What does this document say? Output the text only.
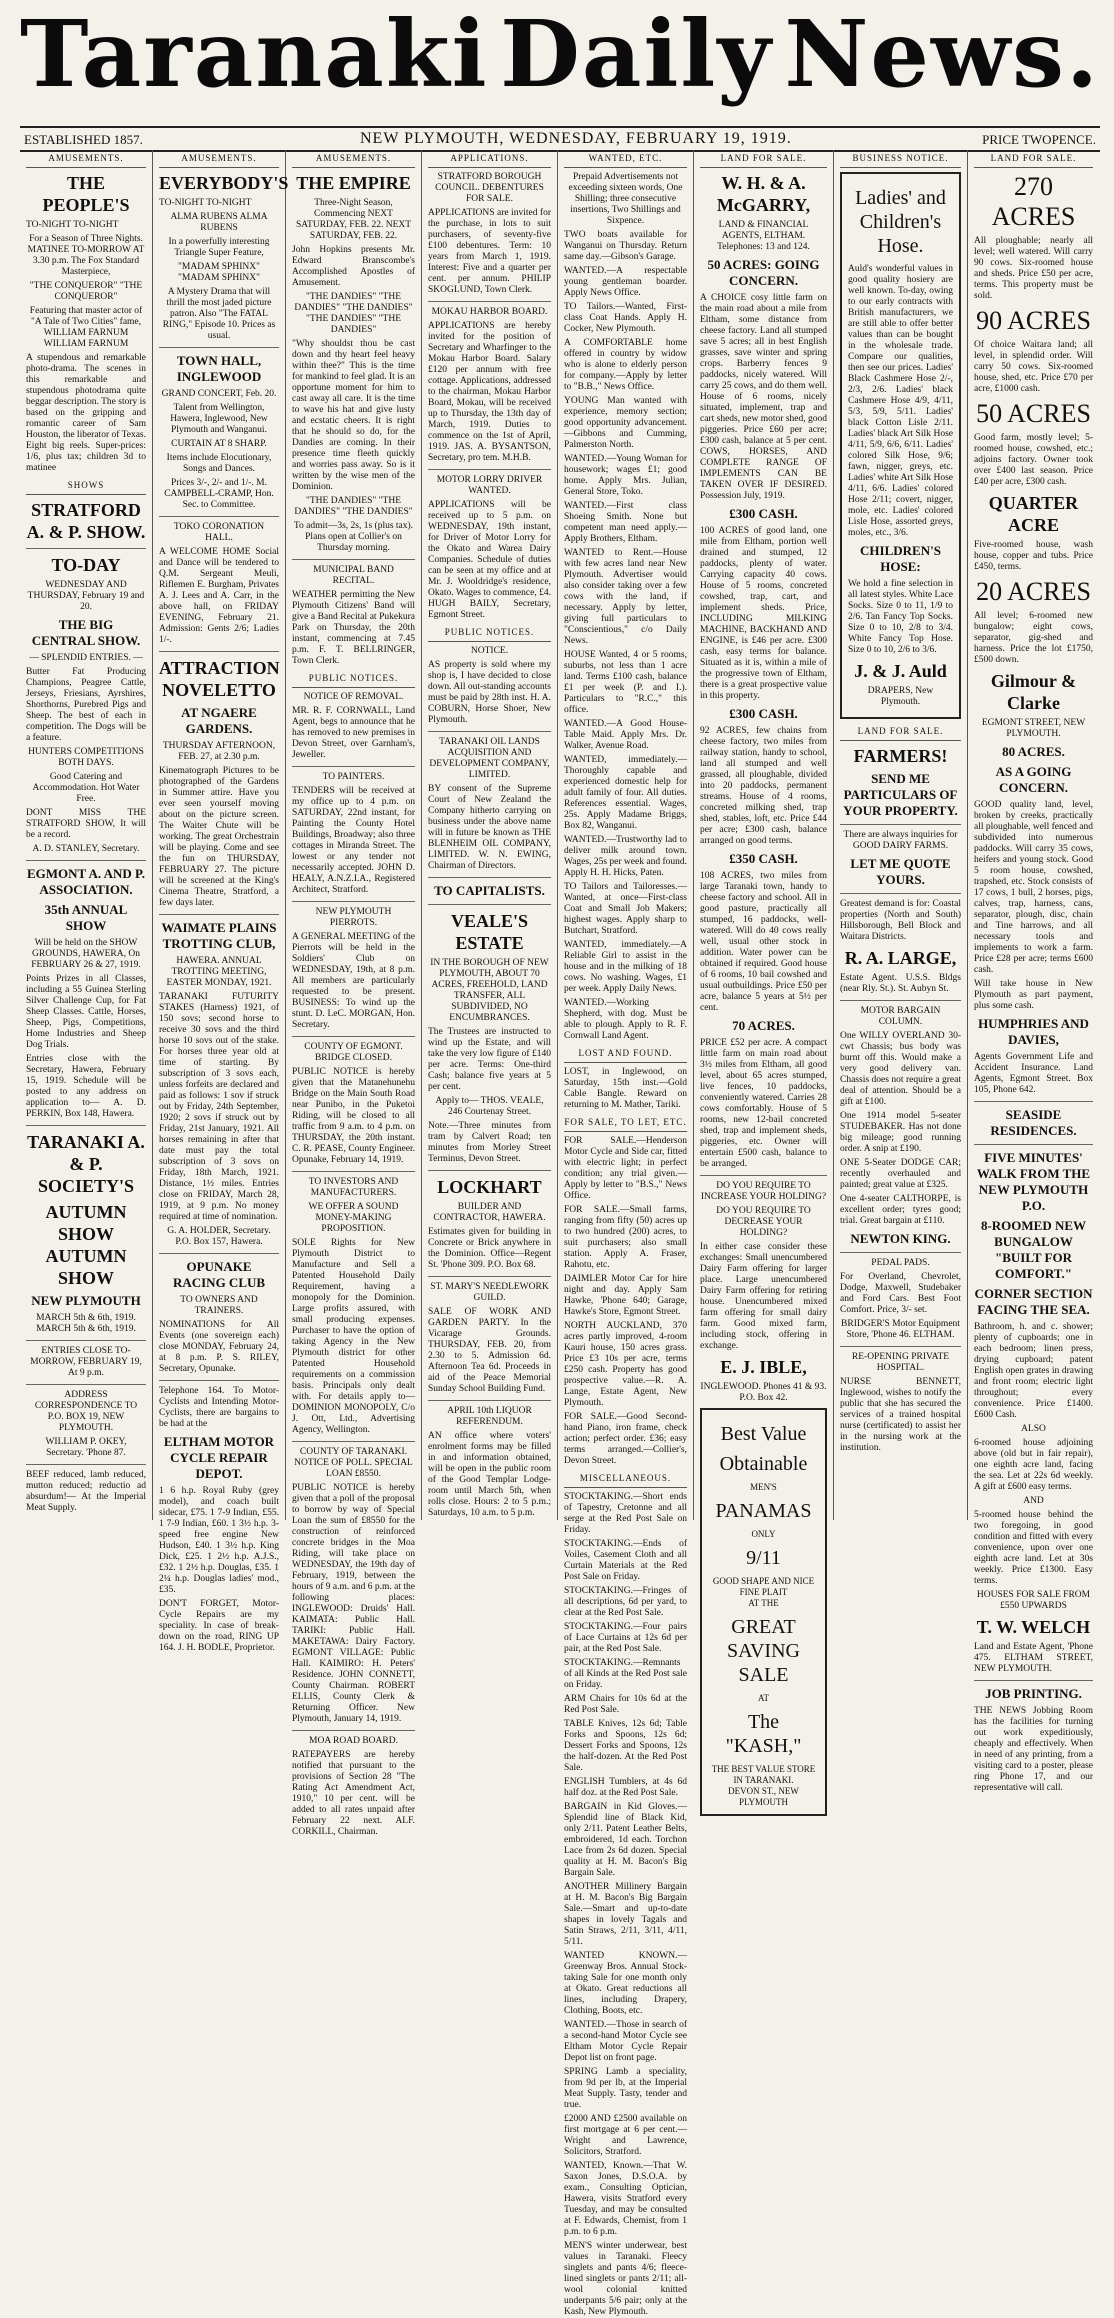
Taranaki Daily News.
ESTABLISHED 1857.	NEW PLYMOUTH, WEDNESDAY, FEBRUARY 19, 1919.	PRICE TWOPENCE.
AMUSEMENTS.
THE PEOPLE'S

TO-NIGHT TO-NIGHT

For a Season of Three Nights. MATINEE TO-MORROW AT 3.30 p.m. The Fox Standard Masterpiece,

"THE CONQUEROR" "THE CONQUEROR"

Featuring that master actor of "A Tale of Two Cities" fame, WILLIAM FARNUM WILLIAM FARNUM

A stupendous and remarkable photo-drama. The scenes in this remarkable and stupendous photodrama quite beggar description. The story is based on the gripping and romantic career of Sam Houston, the liberator of Texas. Eight big reels. Super-prices: 1/6, plus tax; children 3d to matinee

SHOWS
STRATFORD A. & P. SHOW.
TO-DAY

WEDNESDAY AND THURSDAY, February 19 and 20.

THE BIG CENTRAL SHOW.

— SPLENDID ENTRIES. —

Butter Fat Producing Champions, Peagree Cattle, Jerseys, Friesians, Ayrshires, Shorthorns, Purebred Pigs and Sheep. The best of each in competition. The Dogs will be a feature.

HUNTERS COMPETITIONS BOTH DAYS.

Good Catering and Accommodation. Hot Water Free.

DONT MISS THE STRATFORD SHOW, It will be a record.

A. D. STANLEY, Secretary.

EGMONT A. AND P. ASSOCIATION.
35th ANNUAL SHOW

Will be held on the SHOW GROUNDS, HAWERA, On FEBRUARY 26 & 27, 1919.

Points Prizes in all Classes, including a 55 Guinea Sterling Silver Challenge Cup, for Fat Sheep Classes. Cattle, Horses, Sheep, Pigs, Competitions, Home Industries and Sheep Dog Trials.

Entries close with the Secretary, Hawera, February 15, 1919. Schedule will be posted to any address on application to— A. D. PERKIN, Box 148, Hawera.

TARANAKI A. & P. SOCIETY'S
AUTUMN SHOW AUTUMN SHOW
NEW PLYMOUTH

MARCH 5th & 6th, 1919. MARCH 5th & 6th, 1919.

ENTRIES CLOSE TO-MORROW, FEBRUARY 19, At 9 p.m.

ADDRESS CORRESPONDENCE TO P.O. BOX 19, NEW PLYMOUTH.

WILLIAM P. OKEY, Secretary. 'Phone 87.

BEEF reduced, lamb reduced, mutton reduced; reductio ad absurdum!— At the Imperial Meat Supply.

AMUSEMENTS.
EVERYBODY'S

TO-NIGHT TO-NIGHT

ALMA RUBENS ALMA RUBENS

In a powerfully interesting Triangle Super Feature,

"MADAM SPHINX" "MADAM SPHINX"

A Mystery Drama that will thrill the most jaded picture patron. Also "The FATAL RING," Episode 10. Prices as usual.

TOWN HALL, INGLEWOOD

GRAND CONCERT, Feb. 20.

Talent from Wellington, Hawera, Inglewood, New Plymouth and Wanganui.

CURTAIN AT 8 SHARP.

Items include Elocutionary, Songs and Dances.

Prices 3/-, 2/- and 1/-. M. CAMPBELL-CRAMP, Hon. Sec. to Committee.

TOKO CORONATION HALL.

A WELCOME HOME Social and Dance will be tendered to Q.M. Sergeant Meuli, Riflemen E. Burgham, Privates A. J. Lees and A. Carr, in the above hall, on FRIDAY EVENING, February 21. Admission: Gents 2/6; Ladies 1/-.

ATTRACTION NOVELETTO
AT NGAERE GARDENS.

THURSDAY AFTERNOON, FEB. 27, at 2.30 p.m.

Kinematograph Pictures to be photographed of the Gardens in Summer attire. Have you ever seen yourself moving about on the picture screen. The Waiter Chute will be working. The great Orchestrain will be playing. Come and see the fun on THURSDAY, FEBRUARY 27. The picture will be screened at the King's Cinema Theatre, Stratford, a few days later.

WAIMATE PLAINS TROTTING CLUB,

HAWERA. ANNUAL TROTTING MEETING, EASTER MONDAY, 1921.

TARANAKI FUTURITY STAKES (Harness) 1921, of 150 sovs; second horse to receive 30 sovs and the third horse 10 sovs out of the stake. For horses three year old at time of starting. By subscription of 3 sovs each, unless forfeits are declared and paid as follows: 1 sov if struck out by Friday, 24th September, 1920; 2 sovs if struck out by Friday, 21st January, 1921. All horses remaining in after that date must pay the total subscription of 3 sovs on Friday, 18th March, 1921. Distance, 1½ miles. Entries close on FRIDAY, March 28, 1919, at 9 p.m. No money required at time of nomination.

G. A. HOLDER, Secretary. P.O. Box 157, Hawera.

OPUNAKE RACING CLUB

TO OWNERS AND TRAINERS.

NOMINATIONS for All Events (one sovereign each) close MONDAY, February 24, at 8 p.m. P. S. RILEY, Secretary, Opunake.

Telephone 164. To Motor-Cyclists and Intending Motor-Cyclists, there are bargains to be had at the

ELTHAM MOTOR CYCLE REPAIR DEPOT.

1 6 h.p. Royal Ruby (grey model), and coach built sidecar, £75. 1 7-9 Indian, £55. 1 7-9 Indian, £60. 1 3½ h.p. 3-speed free engine New Hudson, £40. 1 3½ h.p. King Dick, £25. 1 2½ h.p. A.J.S., £32. 1 2½ h.p. Douglas, £35. 1 2¼ h.p. Douglas ladies' mod., £35.

DON'T FORGET, Motor-Cycle Repairs are my speciality. In case of break-down on the road, RING UP 164. J. H. BODLE, Proprietor.

AMUSEMENTS.
THE EMPIRE

Three-Night Season, Commencing NEXT SATURDAY, FEB. 22. NEXT SATURDAY, FEB. 22.

John Hopkins presents Mr. Edward Branscombe's Accomplished Apostles of Amusement.

"THE DANDIES" "THE DANDIES" "THE DANDIES" "THE DANDIES" "THE DANDIES"

"Why shouldst thou be cast down and thy heart feel heavy within thee?" This is the time for mankind to feel glad. It is an opportune moment for him to cast away all care. It is the time to wave his hat and give lusty and ecstatic cheers. It is right that he should so do, for the Dandies are coming. In their presence time fleeth quickly and worries pass away. So is it written by the wise men of the Dominion.

"THE DANDIES" "THE DANDIES" "THE DANDIES"

To admit—3s, 2s, 1s (plus tax). Plans open at Collier's on Thursday morning.

MUNICIPAL BAND RECITAL.

WEATHER permitting the New Plymouth Citizens' Band will give a Band Recital at Pukekura Park on Thursday, the 20th instant, commencing at 7.45 p.m. F. T. BELLRINGER, Town Clerk.

PUBLIC NOTICES.

NOTICE OF REMOVAL.

MR. R. F. CORNWALL, Land Agent, begs to announce that he has removed to new premises in Devon Street, over Garnham's, Jeweller.

TO PAINTERS.

TENDERS will be received at my office up to 4 p.m. on SATURDAY, 22nd instant, for Painting the County Hotel Buildings, Broadway; also three cottages in Miranda Street. The lowest or any tender not necessarily accepted. JOHN D. HEALY, A.N.Z.I.A., Registered Architect, Stratford.

NEW PLYMOUTH PIERROTS.

A GENERAL MEETING of the Pierrots will be held in the Soldiers' Club on WEDNESDAY, 19th, at 8 p.m. All members are particularly requested to be present. BUSINESS: To wind up the stunt. D. LeC. MORGAN, Hon. Secretary.

COUNTY OF EGMONT. BRIDGE CLOSED.

PUBLIC NOTICE is hereby given that the Matanehunehu Bridge on the Main South Road near Punibo, in the Puketoi Riding, will be closed to all traffic from 9 a.m. to 4 p.m. on THURSDAY, the 20th instant. C. R. PEASE, County Engineer. Opunake, February 14, 1919.

TO INVESTORS AND MANUFACTURERS.

WE OFFER A SOUND MONEY-MAKING PROPOSITION.

SOLE Rights for New Plymouth District to Manufacture and Sell a Patented Household Daily Requirement, having a monopoly for the Dominion. Large profits assured, with small producing expenses. Purchaser to have the option of taking Agency in the New Plymouth district for other Patented Household requirements on a commission basis. Principals only dealt with. For details apply to— DOMINION MONOPOLY, C/o J. Ott, Ltd., Advertising Agency, Wellington.

COUNTY OF TARANAKI. NOTICE OF POLL. SPECIAL LOAN £8550.

PUBLIC NOTICE is hereby given that a poll of the proposal to borrow by way of Special Loan the sum of £8550 for the construction of reinforced concrete bridges in the Moa Riding, will take place on WEDNESDAY, the 19th day of February, 1919, between the hours of 9 a.m. and 6 p.m. at the following places: INGLEWOOD: Druids' Hall. KAIMATA: Public Hall. TARIKI: Public Hall. MAKETAWA: Dairy Factory. EGMONT VILLAGE: Public Hall. KAIMIRO: H. Peters' Residence. JOHN CONNETT, County Chairman. ROBERT ELLIS, County Clerk & Returning Officer. New Plymouth, January 14, 1919.

MOA ROAD BOARD.

RATEPAYERS are hereby notified that pursuant to the provisions of Section 28 "The Rating Act Amendment Act, 1910," 10 per cent. will be added to all rates unpaid after February 22 next. ALF. CORKILL, Chairman.

APPLICATIONS.

STRATFORD BOROUGH COUNCIL. DEBENTURES FOR SALE.

APPLICATIONS are invited for the purchase, in lots to suit purchasers, of seventy-five £100 debentures. Term: 10 years from March 1, 1919. Interest: Five and a quarter per cent. per annum. PHILIP SKOGLUND, Town Clerk.

MOKAU HARBOR BOARD.

APPLICATIONS are hereby invited for the position of Secretary and Wharfinger to the Mokau Harbor Board. Salary £120 per annum with free cottage. Applications, addressed to the chairman, Mokau Harbor Board, Mokau, will be received up to Thursday, the 13th day of March, 1919. Duties to commence on the 1st of April, 1919. JAS. A. BYSANTSON, Secretary, pro tem. M.H.B.

MOTOR LORRY DRIVER WANTED.

APPLICATIONS will be received up to 5 p.m. on WEDNESDAY, 19th instant, for Driver of Motor Lorry for the Okato and Warea Dairy Companies. Schedule of duties can be seen at my office and at Mr. J. Wooldridge's residence, Okato. Wages to commence, £4. HUGH BAILY, Secretary, Egmont Street.

PUBLIC NOTICES.

NOTICE.

AS property is sold where my shop is, I have decided to close down. All out-standing accounts must be paid by 28th inst. H. A. COBURN, Horse Shoer, New Plymouth.

TARANAKI OIL LANDS ACQUISITION AND DEVELOPMENT COMPANY, LIMITED.

BY consent of the Supreme Court of New Zealand the Company hitherto carrying on business under the above name will in future be known as THE BLENHEIM OIL COMPANY, LIMITED. W. N. EWING, Chairman of Directors.

TO CAPITALISTS.
VEALE'S ESTATE

IN THE BOROUGH OF NEW PLYMOUTH, ABOUT 70 ACRES, FREEHOLD, LAND TRANSFER, ALL SUBDIVIDED, NO ENCUMBRANCES.

The Trustees are instructed to wind up the Estate, and will take the very low figure of £140 per acre. Terms: One-third Cash; balance five years at 5 per cent.

Apply to— THOS. VEALE, 246 Courtenay Street.

Note.—Three minutes from tram by Calvert Road; ten minutes from Morley Street Terminus, Devon Street.

LOCKHART

BUILDER AND CONTRACTOR, HAWERA.

Estimates given for building in Concrete or Brick anywhere in the Dominion. Office—Regent St. 'Phone 309. P.O. Box 68.

ST. MARY'S NEEDLEWORK GUILD.

SALE OF WORK AND GARDEN PARTY. In the Vicarage Grounds. THURSDAY, FEB. 20, from 2.30 to 5. Admission 6d. Afternoon Tea 6d. Proceeds in aid of the Peace Memorial Sunday School Building Fund.

APRIL 10th LIQUOR REFERENDUM.

AN office where voters' enrolment forms may be filled in and information obtained, will be open in the public room of the Good Templar Lodge-room until March 5th, when rolls close. Hours: 2 to 5 p.m.; Saturdays, 10 a.m. to 5 p.m.

WANTED, ETC.

Prepaid Advertisements not exceeding sixteen words, One Shilling; three consecutive insertions, Two Shillings and Sixpence.

TWO boats available for Wanganui on Thursday. Return same day.—Gibson's Garage.

WANTED.—A respectable young gentleman boarder. Apply News Office.

TO Tailors.—Wanted, First-class Coat Hands. Apply H. Cocker, New Plymouth.

A COMFORTABLE home offered in country by widow who is alone to elderly person for company.—Apply by letter to "B.B.," News Office.

YOUNG Man wanted with experience, memory section; good opportunity advancement.—Gibbons and Cumming, Palmerston North.

WANTED.—Young Woman for housework; wages £1; good home. Apply Mrs. Julian, General Store, Toko.

WANTED.—First class Shoeing Smith. None but competent man need apply.—Apply Brothers, Eltham.

WANTED to Rent.—House with few acres land near New Plymouth. Advertiser would also consider taking over a few cows with the land, if necessary. Apply by letter, giving full particulars to "Conscientious," c/o Daily News.

HOUSE Wanted, 4 or 5 rooms, suburbs, not less than 1 acre land. Terms £100 cash, balance £1 per week (P. and I.). Particulars to "R.C.," this office.

WANTED.—A Good House-Table Maid. Apply Mrs. Dr. Walker, Avenue Road.

WANTED, immediately.—Thoroughly capable and experienced domestic help for adult family of four. All duties. References essential. Wages, 25s. Apply Madame Briggs, Box 82, Wanganui.

WANTED.—Trustworthy lad to deliver milk around town. Wages, 25s per week and found. Apply H. H. Hicks, Paten.

TO Tailors and Tailoresses.—Wanted, at once—First-class Coat and Small Job Makers; highest wages. Apply sharp to Butchart, Stratford.

WANTED, immediately.—A Reliable Girl to assist in the house and in the milking of 18 cows. No washing. Wages, £1 per week. Apply Daily News.

WANTED.—Working Shepherd, with dog. Must be able to plough. Apply to R. F. Cornwall Land Agent.

LOST AND FOUND.

LOST, in Inglewood, on Saturday, 15th inst.—Gold Cable Bangle. Reward on returning to M. Mather, Tariki.

FOR SALE, TO LET, ETC.

FOR SALE.—Henderson Motor Cycle and Side car, fitted with electric light; in perfect condition; any trial given.—Apply by letter to "B.S.," News Office.

FOR SALE.—Small farms, ranging from fifty (50) acres up to two hundred (200) acres, to suit purchasers; also small station. Apply A. Fraser, Rahotu, etc.

DAIMLER Motor Car for hire night and day. Apply Sam Hawke, 'Phone 640; Garage, Hawke's Store, Egmont Street.

NORTH AUCKLAND, 370 acres partly improved, 4-room Kauri house, 150 acres grass. Price £3 10s per acre, terms £250 cash. Property has good prospective value.—R. A. Lange, Estate Agent, New Plymouth.

FOR SALE.—Good Second-hand Piano, iron frame, check action; perfect order. £36; easy terms arranged.—Collier's, Devon Street.

MISCELLANEOUS.

STOCKTAKING.—Short ends of Tapestry, Cretonne and all serge at the Red Post Sale on Friday.

STOCKTAKING.—Ends of Voiles, Casement Cloth and all Curtain Materials at the Red Post Sale on Friday.

STOCKTAKING.—Fringes of all descriptions, 6d per yard, to clear at the Red Post Sale.

STOCKTAKING.—Four pairs of Lace Curtains at 12s 6d per pair, at the Red Post Sale.

STOCKTAKING.—Remnants of all Kinds at the Red Post sale on Friday.

ARM Chairs for 10s 6d at the Red Post Sale.

TABLE Knives, 12s 6d; Table Forks and Spoons, 12s 6d; Dessert Forks and Spoons, 12s the half-dozen. At the Red Post Sale.

ENGLISH Tumblers, at 4s 6d half doz. at the Red Post Sale.

BARGAIN in Kid Gloves.—Splendid line of Black Kid, only 2/11. Patent Leather Belts, embroidered, 1d each. Torchon Lace from 2s 6d dozen. Special quality at H. M. Bacon's Big Bargain Sale.

ANOTHER Millinery Bargain at H. M. Bacon's Big Bargain Sale.—Smart and up-to-date shapes in lovely Tagals and Satin Straws, 2/11, 3/11, 4/11, 5/11.

WANTED KNOWN.—Greenway Bros. Annual Stock-taking Sale for one month only at Okato. Great reductions all lines, including Drapery, Clothing, Boots, etc.

WANTED.—Those in search of a second-hand Motor Cycle see Eltham Motor Cycle Repair Depot list on front page.

SPRING Lamb a speciality, from 9d per lb, at the Imperial Meat Supply. Tasty, tender and true.

£2000 AND £2500 available on first mortgage at 6 per cent.—Wright and Lawrence, Solicitors, Stratford.

WANTED, Known.—That W. Saxon Jones, D.S.O.A. by exam., Consulting Optician, Hawera, visits Stratford every Tuesday, and may be consulted at F. Edwards, Chemist, from 1 p.m. to 6 p.m.

MEN'S winter underwear, best values in Taranaki. Fleecy singlets and pants 4/6; fleece-lined singlets or pants 2/11; all-wool colonial knitted underpants 5/6 pair; only at the Kash, New Plymouth.

LAND FOR SALE.
W. H. & A. McGARRY,

LAND & FINANCIAL AGENTS, ELTHAM. Telephones: 13 and 124.

50 ACRES: GOING CONCERN.

A CHOICE cosy little farm on the main road about a mile from Eltham, some distance from cheese factory. Land all stumped save 5 acres; all in best English grasses, save winter and spring crops. Barberry fences 9 paddocks, nicely watered. Will carry 25 cows, and do them well. House of 6 rooms, nicely situated, implement, trap and cart sheds, new motor shed, good piggeries. Price £60 per acre; £300 cash, balance at 5 per cent. COWS, HORSES, AND COMPLETE RANGE OF IMPLEMENTS CAN BE TAKEN OVER IF DESIRED. Possession July, 1919.

£300 CASH.

100 ACRES of good land, one mile from Eltham, portion well drained and stumped, 12 paddocks, plenty of water. Carrying capacity 40 cows. House of 5 rooms, concreted cowshed, trap, cart, and implement sheds. Price, INCLUDING MILKING MACHINE, BACKHAND AND ENGINE, is £46 per acre. £300 cash, easy terms for balance. Situated as it is, within a mile of the progressive town of Eltham, there is a great prospective value in this property.

£300 CASH.

92 ACRES, few chains from cheese factory, two miles from railway station, handy to school, land all stumped and well grassed, all ploughable, divided into 20 paddocks, permanent streams. House of 4 rooms, concreted milking shed, trap shed, stables, loft, etc. Price £44 per acre; £300 cash, balance arranged on good terms.

£350 CASH.

108 ACRES, two miles from large Taranaki town, handy to cheese factory and school. All in good pasture, practically all stumped, 16 paddocks, well-watered. Will do 40 cows really well, usual other stock in addition. Water power can be obtained if required. Good house of 6 rooms, 10 bail cowshed and usual outbuildings. Price £50 per acre, balance 5 years at 5½ per cent.

70 ACRES.

PRICE £52 per acre. A compact little farm on main road about 3½ miles from Eltham, all good level, about 65 acres stumped, live fences, 10 paddocks, conveniently watered. Carries 28 cows comfortably. House of 5 rooms, new 12-bail concreted shed, trap and implement sheds, piggeries, etc. Owner will entertain £500 cash, balance to be arranged.

DO YOU REQUIRE TO INCREASE YOUR HOLDING?

DO YOU REQUIRE TO DECREASE YOUR HOLDING?

In either case consider these exchanges: Small unencumbered Dairy Farm offering for larger place. Large unencumbered Dairy Farm offering for retiring house. Unencumbered mixed farm offering for small dairy farm. Good mixed farm, including stock, offering in exchange.

E. J. IBLE,

INGLEWOOD. Phones 41 & 93. P.O. Box 42.

Best Value
Obtainable
MEN'S
PANAMAS
ONLY
9/11
GOOD SHAPE AND NICE FINE PLAIT
AT THE
GREAT SAVING SALE
AT
The "KASH,"
THE BEST VALUE STORE IN TARANAKI.
DEVON ST., NEW PLYMOUTH
BUSINESS NOTICE.
Ladies' and Children's Hose.

Auld's wonderful values in good quality hosiery are well known. To-day, owing to our early contracts with British manufacturers, we are still able to offer better values than can be bought in the wholesale trade. Compare our qualities, then see our prices. Ladies' Black Cashmere Hose 2/-, 2/3, 2/6. Ladies' black Cashmere Hose 4/9, 4/11, 5/3, 5/9, 5/11. Ladies' black Cotton Lisle 2/11. Ladies' black Art Silk Hose 4/11, 5/9, 6/6, 6/11. Ladies' colored Silk Hose, 9/6; fawn, nigger, greys, etc. Ladies' white Art Silk Hose 4/11, 6/6. Ladies' colored Hose 2/11; covert, nigger, mole, etc. Ladies' colored Lisle Hose, assorted greys, moles, etc., 3/6.

CHILDREN'S HOSE:

We hold a fine selection in all latest styles. White Lace Socks. Size 0 to 11, 1/9 to 2/6. Tan Fancy Top Socks. Size 0 to 10, 2/8 to 3/4. White Fancy Top Hose. Size 0 to 10, 2/6 to 3/6.

J. & J. Auld

DRAPERS, New Plymouth.

LAND FOR SALE.
FARMERS!
SEND ME PARTICULARS OF YOUR PROPERTY.

There are always inquiries for GOOD DAIRY FARMS.

LET ME QUOTE YOURS.

Greatest demand is for: Coastal properties (North and South) Hillsborough, Bell Block and Waitara Districts.

R. A. LARGE,

Estate Agent. U.S.S. Bldgs (near Rly. St.). St. Aubyn St.

MOTOR BARGAIN COLUMN.

One WILLY OVERLAND 30-cwt Chassis; bus body was burnt off this. Would make a very good delivery van. Chassis does not require a great deal of attention. Should be a gift at £100.

One 1914 model 5-seater STUDEBAKER. Has not done big mileage; good running order. A snip at £190.

ONE 5-Seater DODGE CAR; recently overhauled and painted; great value at £325.

One 4-seater CALTHORPE, is excellent order; tyres good; trial. Great bargain at £110.

NEWTON KING.

PEDAL PADS.

For Overland, Chevrolet, Dodge, Maxwell, Studebaker and Ford Cars. Best Foot Comfort. Price, 3/- set.

BRIDGER'S Motor Equipment Store, 'Phone 46. ELTHAM.

RE-OPENING PRIVATE HOSPITAL.

NURSE BENNETT, Inglewood, wishes to notify the public that she has secured the services of a trained hospital nurse (certificated) to assist her in the nursing work at the institution.

LAND FOR SALE.
270 ACRES

All ploughable; nearly all level; well watered. Will carry 90 cows. Six-roomed house and sheds. Price £50 per acre, terms. This property must be sold.

90 ACRES

Of choice Waitara land; all level, in splendid order. Will carry 50 cows. Six-roomed house, shed, etc. Price £70 per acre, £1000 cash.

50 ACRES

Good farm, mostly level; 5-roomed house, cowshed, etc.; adjoins factory. Owner took over £400 last season. Price £40 per acre, £300 cash.

QUARTER ACRE

Five-roomed house, wash house, copper and tubs. Price £450, terms.

20 ACRES

All level; 6-roomed new bungalow; eight cows, separator, gig-shed and harness. Price the lot £1750, £500 down.

Gilmour & Clarke

EGMONT STREET, NEW PLYMOUTH.

80 ACRES.
AS A GOING CONCERN.

GOOD quality land, level, broken by creeks, practically all ploughable, well fenced and subdivided into numerous paddocks. Will carry 35 cows, heifers and young stock. Good 5 room house, cowshed, trapshed, etc. Stock consists of 17 cows, 1 bull, 2 horses, pigs, calves, trap, harness, cans, separator, plough, disc, chain and Tine harrows, and all necessary tools and implements to work a farm. Price £28 per acre; terms £600 cash.

Will take house in New Plymouth as part payment, plus some cash.

HUMPHRIES AND DAVIES,

Agents Government Life and Accident Insurance. Land Agents, Egmont Street. Box 105, Phone 642.

SEASIDE RESIDENCES.
FIVE MINUTES' WALK FROM THE NEW PLYMOUTH P.O.
8-ROOMED NEW BUNGALOW "BUILT FOR COMFORT."
CORNER SECTION FACING THE SEA.

Bathroom, h. and c. shower; plenty of cupboards; one in each bedroom; linen press, drying cupboard; patent English open grates in drawing and front room; electric light throughout; every convenience. Price £1400. £600 Cash.

ALSO

6-roomed house adjoining above (old but in fair repair), one eighth acre land, facing the sea. Let at 22s 6d weekly. A gift at £600 easy terms.

AND

5-roomed house behind the two foregoing, in good condition and fitted with every convenience, upon over one eighth acre land. Let at 30s weekly. Price £1300. Easy terms.

HOUSES FOR SALE FROM £550 UPWARDS

T. W. WELCH

Land and Estate Agent, 'Phone 475. ELTHAM STREET, NEW PLYMOUTH.

JOB PRINTING.

THE NEWS Jobbing Room has the facilities for turning out work expeditiously, cheaply and effectively. When in need of any printing, from a visiting card to a poster, please ring Phone 17, and our representative will call.
